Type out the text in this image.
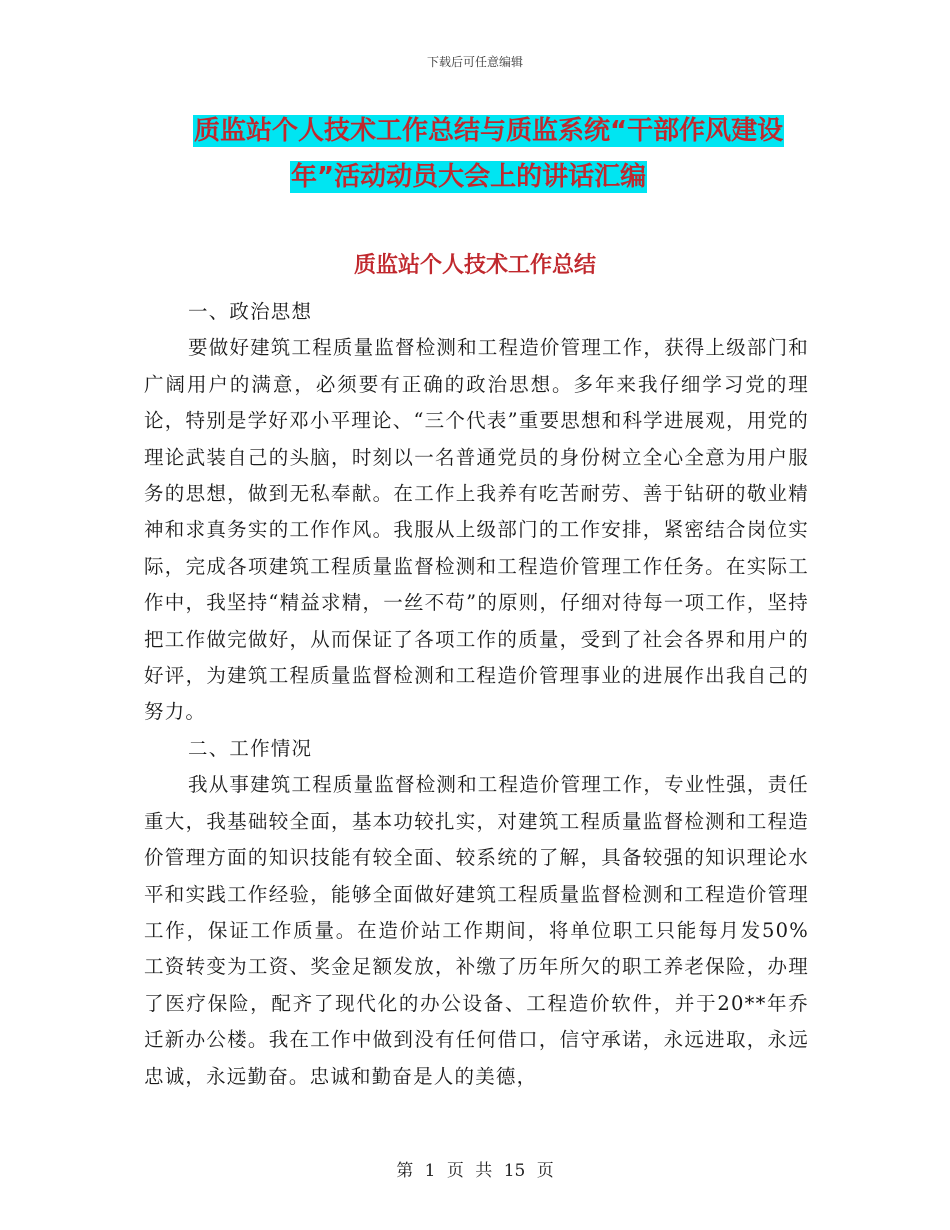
下载后可任意编辑
质监站个人技术工作总结与质监系统“干部作风建设
年”活动动员大会上的讲话汇编
质监站个人技术工作总结

一、政治思想

要做好建筑工程质量监督检测和工程造价管理工作，获得上级部门和广阔用户的满意，必须要有正确的政治思想。多年来我仔细学习党的理论，特别是学好邓小平理论、“三个代表”重要思想和科学进展观，用党的理论武装自己的头脑，时刻以一名普通党员的身份树立全心全意为用户服务的思想，做到无私奉献。在工作上我养有吃苦耐劳、善于钻研的敬业精神和求真务实的工作作风。我服从上级部门的工作安排，紧密结合岗位实际，完成各项建筑工程质量监督检测和工程造价管理工作任务。在实际工作中，我坚持“精益求精，一丝不苟”的原则，仔细对待每一项工作，坚持把工作做完做好，从而保证了各项工作的质量，受到了社会各界和用户的好评，为建筑工程质量监督检测和工程造价管理事业的进展作出我自己的努力。

二、工作情况

我从事建筑工程质量监督检测和工程造价管理工作，专业性强，责任重大，我基础较全面，基本功较扎实，对建筑工程质量监督检测和工程造价管理方面的知识技能有较全面、较系统的了解，具备较强的知识理论水平和实践工作经验，能够全面做好建筑工程质量监督检测和工程造价管理工作，保证工作质量。在造价站工作期间，将单位职工只能每月发50%工资转变为工资、奖金足额发放，补缴了历年所欠的职工养老保险，办理了医疗保险，配齐了现代化的办公设备、工程造价软件，并于20**年乔迁新办公楼。我在工作中做到没有任何借口，信守承诺，永远进取，永远忠诚，永远勤奋。忠诚和勤奋是人的美德，

第 1 页 共 15 页
